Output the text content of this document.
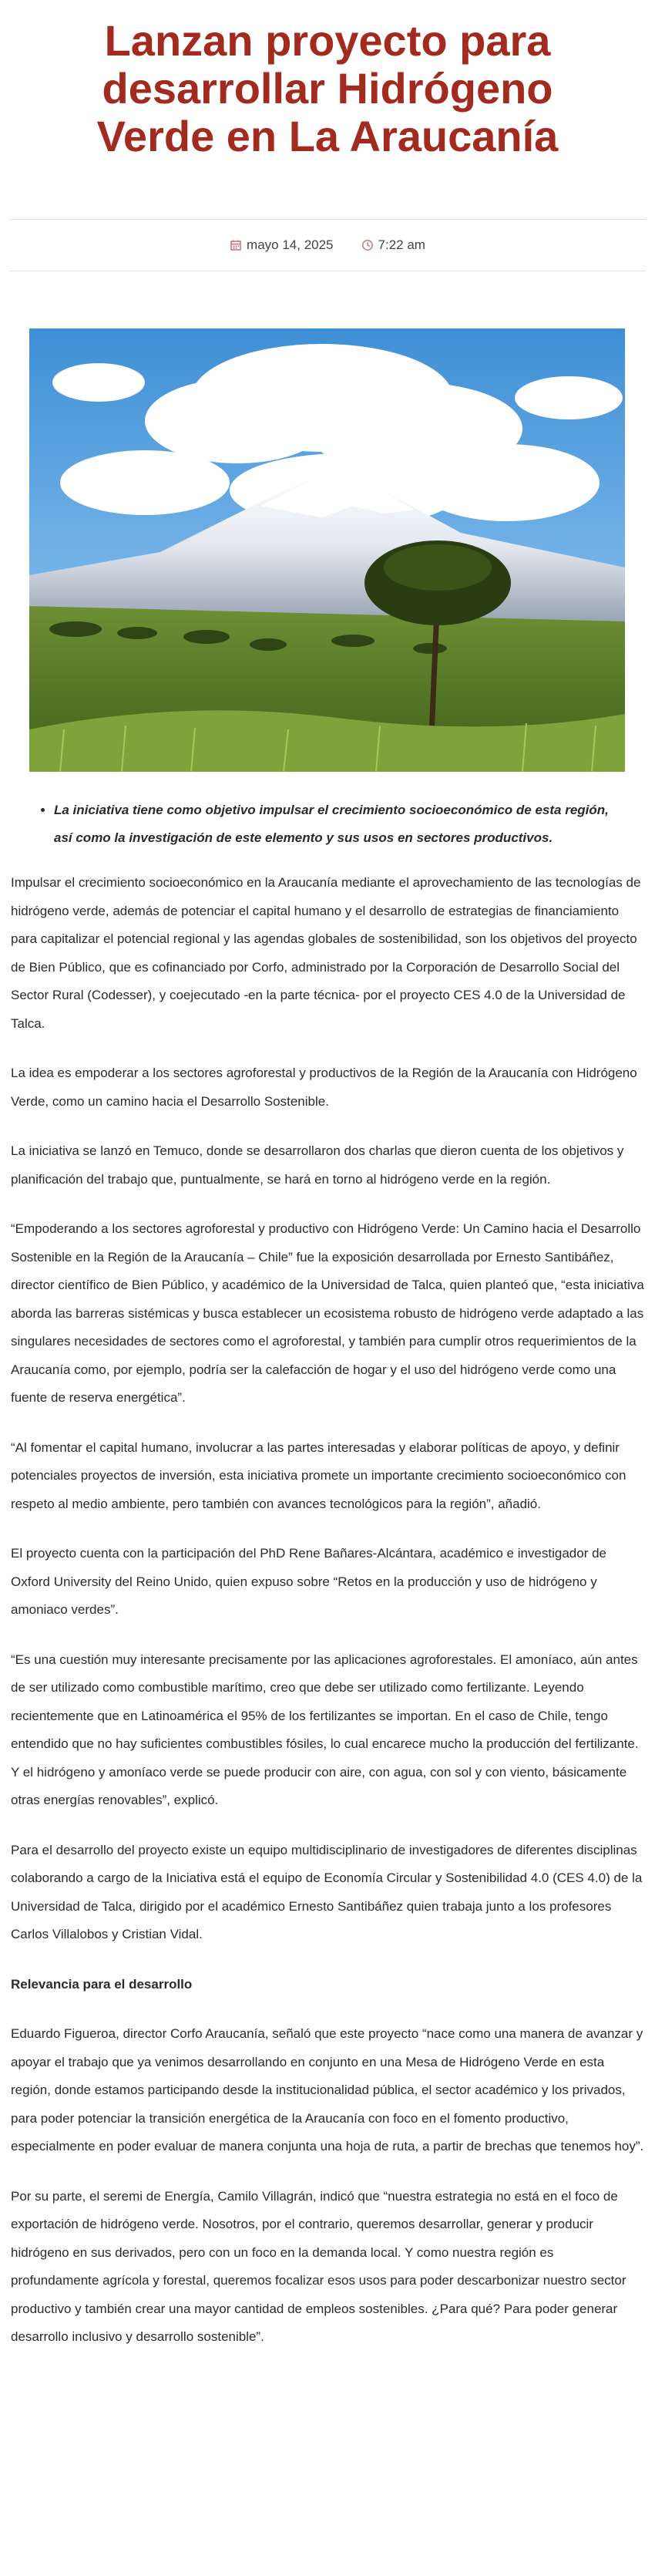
Lanzan proyecto para desarrollar Hidrógeno Verde en La Araucanía
mayo 14, 2025	7:22 am
• La iniciativa tiene como objetivo impulsar el crecimiento socioeconómico de esta región, así como la investigación de este elemento y sus usos en sectores productivos.

Impulsar el crecimiento socioeconómico en la Araucanía mediante el aprovechamiento de las tecnologías de hidrógeno verde, además de potenciar el capital humano y el desarrollo de estrategias de financiamiento para capitalizar el potencial regional y las agendas globales de sostenibilidad, son los objetivos del proyecto de Bien Público, que es cofinanciado por Corfo, administrado por la Corporación de Desarrollo Social del Sector Rural (Codesser), y coejecutado -en la parte técnica- por el proyecto CES 4.0 de la Universidad de Talca.

La idea es empoderar a los sectores agroforestal y productivos de la Región de la Araucanía con Hidrógeno Verde, como un camino hacia el Desarrollo Sostenible.

La iniciativa se lanzó en Temuco, donde se desarrollaron dos charlas que dieron cuenta de los objetivos y planificación del trabajo que, puntualmente, se hará en torno al hidrógeno verde en la región.

“Empoderando a los sectores agroforestal y productivo con Hidrógeno Verde: Un Camino hacia el Desarrollo Sostenible en la Región de la Araucanía – Chile” fue la exposición desarrollada por Ernesto Santibáñez, director científico de Bien Público, y académico de la Universidad de Talca, quien planteó que, “esta iniciativa aborda las barreras sistémicas y busca establecer un ecosistema robusto de hidrógeno verde adaptado a las singulares necesidades de sectores como el agroforestal, y también para cumplir otros requerimientos de la Araucanía como, por ejemplo, podría ser la calefacción de hogar y el uso del hidrógeno verde como una fuente de reserva energética”.

“Al fomentar el capital humano, involucrar a las partes interesadas y elaborar políticas de apoyo, y definir potenciales proyectos de inversión, esta iniciativa promete un importante crecimiento socioeconómico con respeto al medio ambiente, pero también con avances tecnológicos para la región”, añadió.

El proyecto cuenta con la participación del PhD Rene Bañares-Alcántara, académico e investigador de Oxford University del Reino Unido, quien expuso sobre “Retos en la producción y uso de hidrógeno y amoniaco verdes”.

“Es una cuestión muy interesante precisamente por las aplicaciones agroforestales. El amoníaco, aún antes de ser utilizado como combustible marítimo, creo que debe ser utilizado como fertilizante. Leyendo recientemente que en Latinoamérica el 95% de los fertilizantes se importan. En el caso de Chile, tengo entendido que no hay suficientes combustibles fósiles, lo cual encarece mucho la producción del fertilizante. Y el hidrógeno y amoníaco verde se puede producir con aire, con agua, con sol y con viento, básicamente otras energías renovables”, explicó.

Para el desarrollo del proyecto existe un equipo multidisciplinario de investigadores de diferentes disciplinas colaborando a cargo de la Iniciativa está el equipo de Economía Circular y Sostenibilidad 4.0 (CES 4.0) de la Universidad de Talca, dirigido por el académico Ernesto Santibáñez quien trabaja junto a los profesores Carlos Villalobos y Cristian Vidal.

Relevancia para el desarrollo

Eduardo Figueroa, director Corfo Araucanía, señaló que este proyecto “nace como una manera de avanzar y apoyar el trabajo que ya venimos desarrollando en conjunto en una Mesa de Hidrógeno Verde en esta región, donde estamos participando desde la institucionalidad pública, el sector académico y los privados, para poder potenciar la transición energética de la Araucanía con foco en el fomento productivo, especialmente en poder evaluar de manera conjunta una hoja de ruta, a partir de brechas que tenemos hoy”.

Por su parte, el seremi de Energía, Camilo Villagrán, indicó que “nuestra estrategia no está en el foco de exportación de hidrógeno verde. Nosotros, por el contrario, queremos desarrollar, generar y producir hidrógeno en sus derivados, pero con un foco en la demanda local. Y como nuestra región es profundamente agrícola y forestal, queremos focalizar esos usos para poder descarbonizar nuestro sector productivo y también crear una mayor cantidad de empleos sostenibles. ¿Para qué? Para poder generar desarrollo inclusivo y desarrollo sostenible”.
